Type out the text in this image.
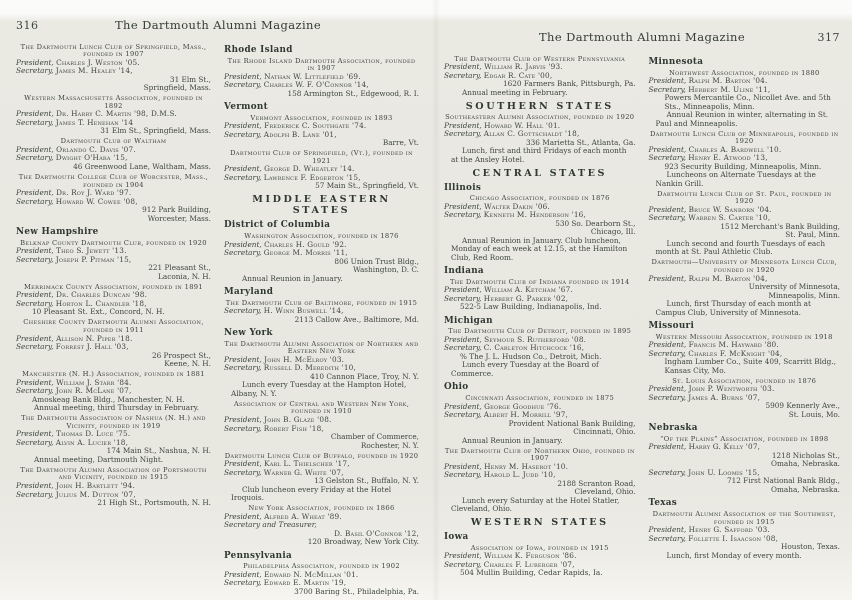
316	The Dartmouth Alumni Magazine
The Dartmouth Lunch Club of Springfield, Mass., founded in 1907
President, Charles J. Weston '05.
Secretary, James M. Healey '14,
31 Elm St.,
Springfield, Mass.
Western Massachusetts Association, founded in 1892
President, Dr. Harry C. Martin '98, D.M.S.
Secretary, James T. Henehan '14
31 Elm St., Springfield, Mass.
Dartmouth Club of Waltham
President, Orlando C. Davis '07.
Secretary, Dwight O'Hara '15,
46 Greenwood Lane, Waltham, Mass.
The Dartmouth College Club of Worcester, Mass., founded in 1904
President, Dr. Roy J. Ward '97.
Secretary, Howard W. Cowee '08,
912 Park Building,
Worcester, Mass.
New Hampshire
Belknap County Dartmouth Club, founded in 1920
President, Theo S. Jewett '13.
Secretary, Joseph P. Pitman '15,
221 Pleasant St.,
Laconia, N. H.
Merrimack County Association, founded in 1891
President, Dr. Charles Duncan '98.
Secretary, Horton L. Chandler '18,
10 Pleasant St. Ext., Concord, N. H.
Cheshire County Dartmouth Alumni Association, founded in 1911
President, Allison N. Piper '18.
Secretary, Forrest J. Hall '03,
26 Prospect St.,
Keene, N. H.
Manchester (N. H.) Association, founded in 1881
President, William J. Starr '84.
Secretary, John R. McLane '07,
Amoskeag Bank Bldg., Manchester, N. H.
Annual meeting, third Thursday in February.
The Dartmouth Association of Nashua (N. H.) and Vicinity, founded in 1919
President, Thomas D. Luce '75.
Secretary, Alvin A. Lucier '18,
174 Main St., Nashua, N. H.
Annual meeting, Dartmouth Night.
The Dartmouth Alumni Association of Portsmouth and Vicinity, founded in 1915
President, John H. Bartlett '94.
Secretary, Julius M. Dutton '07,
21 High St., Portsmouth, N. H.
Rhode Island
The Rhode Island Dartmouth Association, founded in 1907
President, Nathan W. Littlefield '69.
Secretary, Charles W. F. O'Connor '14,
158 Armington St., Edgewood, R. I.
Vermont
Vermont Association, founded in 1893
President, Frederick C. Southgate '74.
Secretary, Adolph B. Lane '01,
Barre, Vt.
Dartmouth Club of Springfield, (Vt.), founded in 1921
President, George D. Wheatley '14.
Secretary, Lawrence F. Edgerton '15,
57 Main St., Springfield, Vt.
MIDDLE EASTERN STATES
District of Columbia
Washington Association, founded in 1876
President, Charles H. Gould '92.
Secretary, George M. Morris '11,
806 Union Trust Bldg.,
Washington, D. C.
Annual Reunion in January.
Maryland
The Dartmouth Club of Baltimore, founded in 1915
Secretary, H. Winn Buswell '14,
2113 Callow Ave., Baltimore, Md.
New York
The Dartmouth Alumni Association of Northern and Eastern New York
President, John H. McElroy '03.
Secretary, Russell D. Meredith '10,
410 Cannon Place, Troy, N. Y.
Lunch every Tuesday at the Hampton Hotel, Albany, N. Y.
Association of Central and Western New York, founded in 1910
President, John B. Glaze '08.
Secretary, Robert Fish '18,
Chamber of Commerce,
Rochester, N. Y.
Dartmouth Lunch Club of Buffalo, founded in 1920
President, Karl L. Thielscher '17,
Secretary, Warner G. White '07,
13 Gelston St., Buffalo, N. Y.
Club luncheon every Friday at the Hotel Iroquois.
New York Association, founded in 1866
President, Alfred A. Wheat '89.
Secretary and Treasurer,
D. Basil O'Connor '12,
120 Broadway, New York City.
Pennsylvania
Philadelphia Association, founded in 1902
President, Edward N. McMillan '01.
Secretary, Edward E. Martin '19,
3700 Baring St., Philadelphia, Pa.
The Dartmouth Alumni Magazine	317
The Dartmouth Club of Western Pennsylvania
President, William R. Jarvis '93.
Secretary, Edgar R. Cate '00,
1620 Farmers Bank, Pittsburgh, Pa.
Annual meeting in February.
SOUTHERN STATES
Southeastern Alumni Association, founded in 1920
President, Howard W. Hall '01.
Secretary, Allan C. Gottschaldt '18,
336 Marietta St., Atlanta, Ga.
Lunch, first and third Fridays of each month at the Ansley Hotel.
CENTRAL STATES
Illinois
Chicago Association, founded in 1876
President, Walter Dakin '06.
Secretary, Kenneth M. Henderson '16,
530 So. Dearborn St.,
Chicago, Ill.
Annual Reunion in January. Club luncheon, Monday of each week at 12.15, at the Hamilton Club, Red Room.
Indiana
The Dartmouth Club of Indiana founded in 1914
President, William A. Ketcham '67.
Secretary, Herbert G. Parker '02,
522-5 Law Building, Indianapolis, Ind.
Michigan
The Dartmouth Club of Detroit, founded in 1895
President, Seymour S. Rutherford '08.
Secretary, C. Carleton Hitchcock '16,
% The J. L. Hudson Co., Detroit, Mich.
Lunch every Tuesday at the Board of Commerce.
Ohio
Cincinnati Association, founded in 1875
President, George Goodhue '76.
Secretary, Albert H. Morrill '97,
Provident National Bank Building,
Cincinnati, Ohio.
Annual Reunion in January.
The Dartmouth Club of Northern Ohio, founded in 1907
President, Henry M. Haserot '10.
Secretary, Harold L. Judd '10,
2188 Scranton Road,
Cleveland, Ohio.
Lunch every Saturday at the Hotel Statler, Cleveland, Ohio.
WESTERN STATES
Iowa
Association of Iowa, founded in 1915
President, William K. Ferguson '86.
Secretary, Charles F. Luberger '07,
504 Mullin Building, Cedar Rapids, Ia.
Minnesota
Northwest Association, founded in 1880
President, Ralph M. Barton '04.
Secretary, Herbert M. Uline '11,
Powers Mercantile Co., Nicollet Ave. and 5th Sts., Minneapolis, Minn.
Annual Reunion in winter, alternating in St. Paul and Minneapolis.
Dartmouth Lunch Club of Minneapolis, founded in 1920
President, Charles A. Bardwell '10.
Secretary, Henry E. Atwood '13,
923 Security Building, Minneapolis, Minn.
Luncheons on Alternate Tuesdays at the Nankin Grill.
Dartmouth Lunch Club of St. Paul, founded in 1920
President, Bruce W. Sanborn '04.
Secretary, Warren S. Carter '10,
1512 Merchant's Bank Building,
St. Paul, Minn.
Lunch second and fourth Tuesdays of each month at St. Paul Athletic Club.
Dartmouth—University of Minnesota Lunch Club, founded in 1920
President, Ralph M. Barton '04,
University of Minnesota,
Minneapolis, Minn.
Lunch, first Thursday of each month at Campus Club, University of Minnesota.
Missouri
Western Missouri Association, founded in 1918
President, Francis M. Hayward '80.
Secretary, Charles F. McKnight '04,
Ingham Lumber Co., Suite 409, Scarritt Bldg., Kansas City, Mo.
St. Louis Association, founded in 1876
President, John P. Wentworth '03.
Secretary, James A. Burns '07,
5909 Kennerly Ave.,
St. Louis, Mo.
Nebraska
“Of the Plains” Association, founded in 1898
President, Harry G. Kelly '07,
1218 Nicholas St.,
Omaha, Nebraska.
Secretary, John U. Loomis '15,
712 First National Bank Bldg.,
Omaha, Nebraska.
Texas
Dartmouth Alumni Association of the Southwest, founded in 1915
President, Henry G. Safford '03.
Secretary, Follette I. Isaacson '08,
Houston, Texas.
Lunch, first Monday of every month.
